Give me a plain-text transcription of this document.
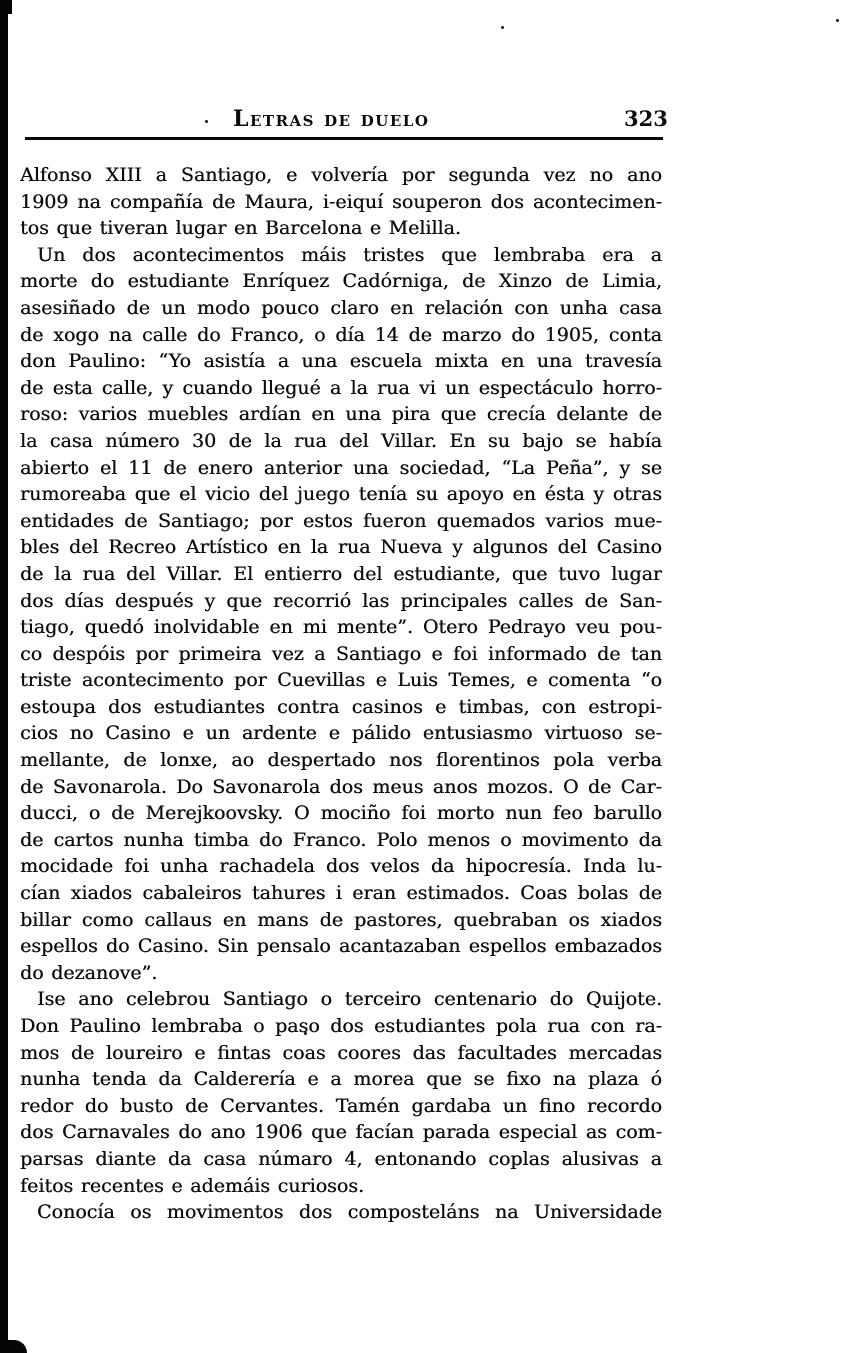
Letras de duelo	323
Alfonso XIII a Santiago, e volvería por segunda vez no ano
1909 na compañía de Maura, i-eiquí souperon dos acontecimen-
tos que tiveran lugar en Barcelona e Melilla.
Un dos acontecimentos máis tristes que lembraba era a
morte do estudiante Enríquez Cadórniga, de Xinzo de Limia,
asesiñado de un modo pouco claro en relación con unha casa
de xogo na calle do Franco, o día 14 de marzo do 1905, conta
don Paulino: “Yo asistía a una escuela mixta en una travesía
de esta calle, y cuando llegué a la rua vi un espectáculo horro-
roso: varios muebles ardían en una pira que crecía delante de
la casa número 30 de la rua del Villar. En su bajo se había
abierto el 11 de enero anterior una sociedad, “La Peña”, y se
rumoreaba que el vicio del juego tenía su apoyo en ésta y otras
entidades de Santiago; por estos fueron quemados varios mue-
bles del Recreo Artístico en la rua Nueva y algunos del Casino
de la rua del Villar. El entierro del estudiante, que tuvo lugar
dos días después y que recorrió las principales calles de San-
tiago, quedó inolvidable en mi mente”. Otero Pedrayo veu pou-
co despóis por primeira vez a Santiago e foi informado de tan
triste acontecimento por Cuevillas e Luis Temes, e comenta “o
estoupa dos estudiantes contra casinos e timbas, con estropi-
cios no Casino e un ardente e pálido entusiasmo virtuoso se-
mellante, de lonxe, ao despertado nos florentinos pola verba
de Savonarola. Do Savonarola dos meus anos mozos. O de Car-
ducci, o de Merejkoovsky. O mociño foi morto nun feo barullo
de cartos nunha timba do Franco. Polo menos o movimento da
mocidade foi unha rachadela dos velos da hipocresía. Inda lu-
cían xiados cabaleiros tahures i eran estimados. Coas bolas de
billar como callaus en mans de pastores, quebraban os xiados
espellos do Casino. Sin pensalo acantazaban espellos embazados
do dezanove”.
Ise ano celebrou Santiago o terceiro centenario do Quijote.
Don Paulino lembraba o paso dos estudiantes pola rua con ra-
mos de loureiro e fintas coas coores das facultades mercadas
nunha tenda da Calderería e a morea que se fixo na plaza ó
redor do busto de Cervantes. Tamén gardaba un fino recordo
dos Carnavales do ano 1906 que facían parada especial as com-
parsas diante da casa númaro 4, entonando coplas alusivas a
feitos recentes e ademáis curiosos.
Conocía os movimentos dos composteláns na Universidade
